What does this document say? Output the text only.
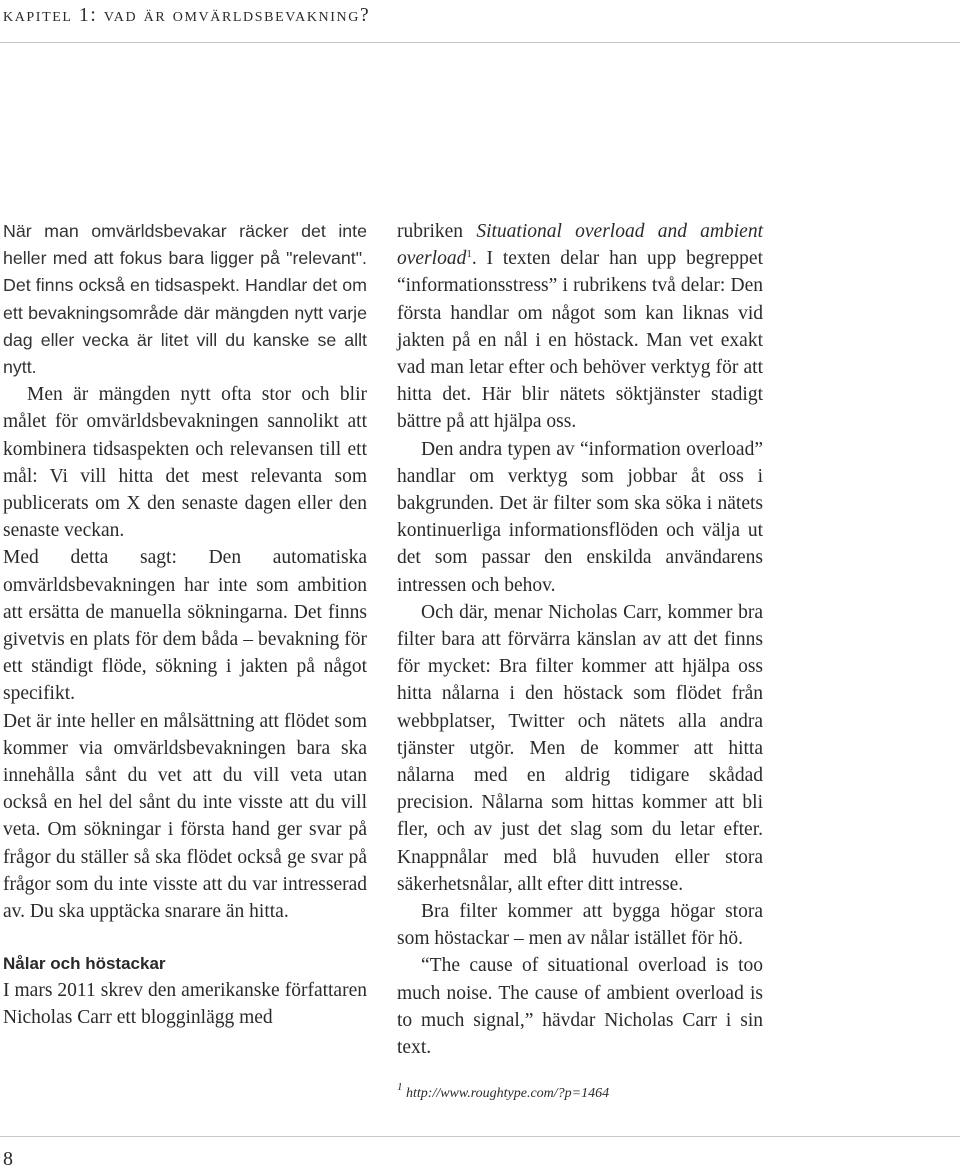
kapitel 1: vad är omvärldsbevakning?

När man omvärldsbevakar räcker det inte heller med att fokus bara ligger på "relevant". Det finns också en tidsaspekt. Handlar det om ett bevakningsområde där mängden nytt varje dag eller vecka är litet vill du kanske se allt nytt.

Men är mängden nytt ofta stor och blir målet för omvärldsbevakningen sannolikt att kombinera tidsaspekten och relevansen till ett mål: Vi vill hitta det mest relevanta som publicerats om X den senaste dagen eller den senaste veckan.

Med detta sagt: Den automatiska omvärldsbevakningen har inte som ambition att ersätta de manuella sökningarna. Det finns givetvis en plats för dem båda – bevakning för ett ständigt flöde, sökning i jakten på något specifikt.

Det är inte heller en målsättning att flödet som kommer via omvärldsbevakningen bara ska innehålla sånt du vet att du vill veta utan också en hel del sånt du inte visste att du vill veta. Om sökningar i första hand ger svar på frågor du ställer så ska flödet också ge svar på frågor som du inte visste att du var intresserad av. Du ska upptäcka snarare än hitta.

Nålar och höstackar

I mars 2011 skrev den amerikanske författaren Nicholas Carr ett blogginlägg med

rubriken Situational overload and ambient overload$^1$. I texten delar han upp begreppet “informationsstress” i rubrikens två delar: Den första handlar om något som kan liknas vid jakten på en nål i en höstack. Man vet exakt vad man letar efter och behöver verktyg för att hitta det. Här blir nätets söktjänster stadigt bättre på att hjälpa oss.

Den andra typen av “information overload” handlar om verktyg som jobbar åt oss i bakgrunden. Det är filter som ska söka i nätets kontinuerliga informationsflöden och välja ut det som passar den enskilda användarens intressen och behov.

Och där, menar Nicholas Carr, kommer bra filter bara att förvärra känslan av att det finns för mycket: Bra filter kommer att hjälpa oss hitta nålarna i den höstack som flödet från webbplatser, Twitter och nätets alla andra tjänster utgör. Men de kommer att hitta nålarna med en aldrig tidigare skådad precision. Nålarna som hittas kommer att bli fler, och av just det slag som du letar efter. Knappnålar med blå huvuden eller stora säkerhetsnålar, allt efter ditt intresse.

Bra filter kommer att bygga högar stora som höstackar – men av nålar istället för hö.

“The cause of situational overload is too much noise. The cause of ambient overload is to much signal,” hävdar Nicholas Carr i sin text.

$^1$ http://www.roughtype.com/?p=1464

8
